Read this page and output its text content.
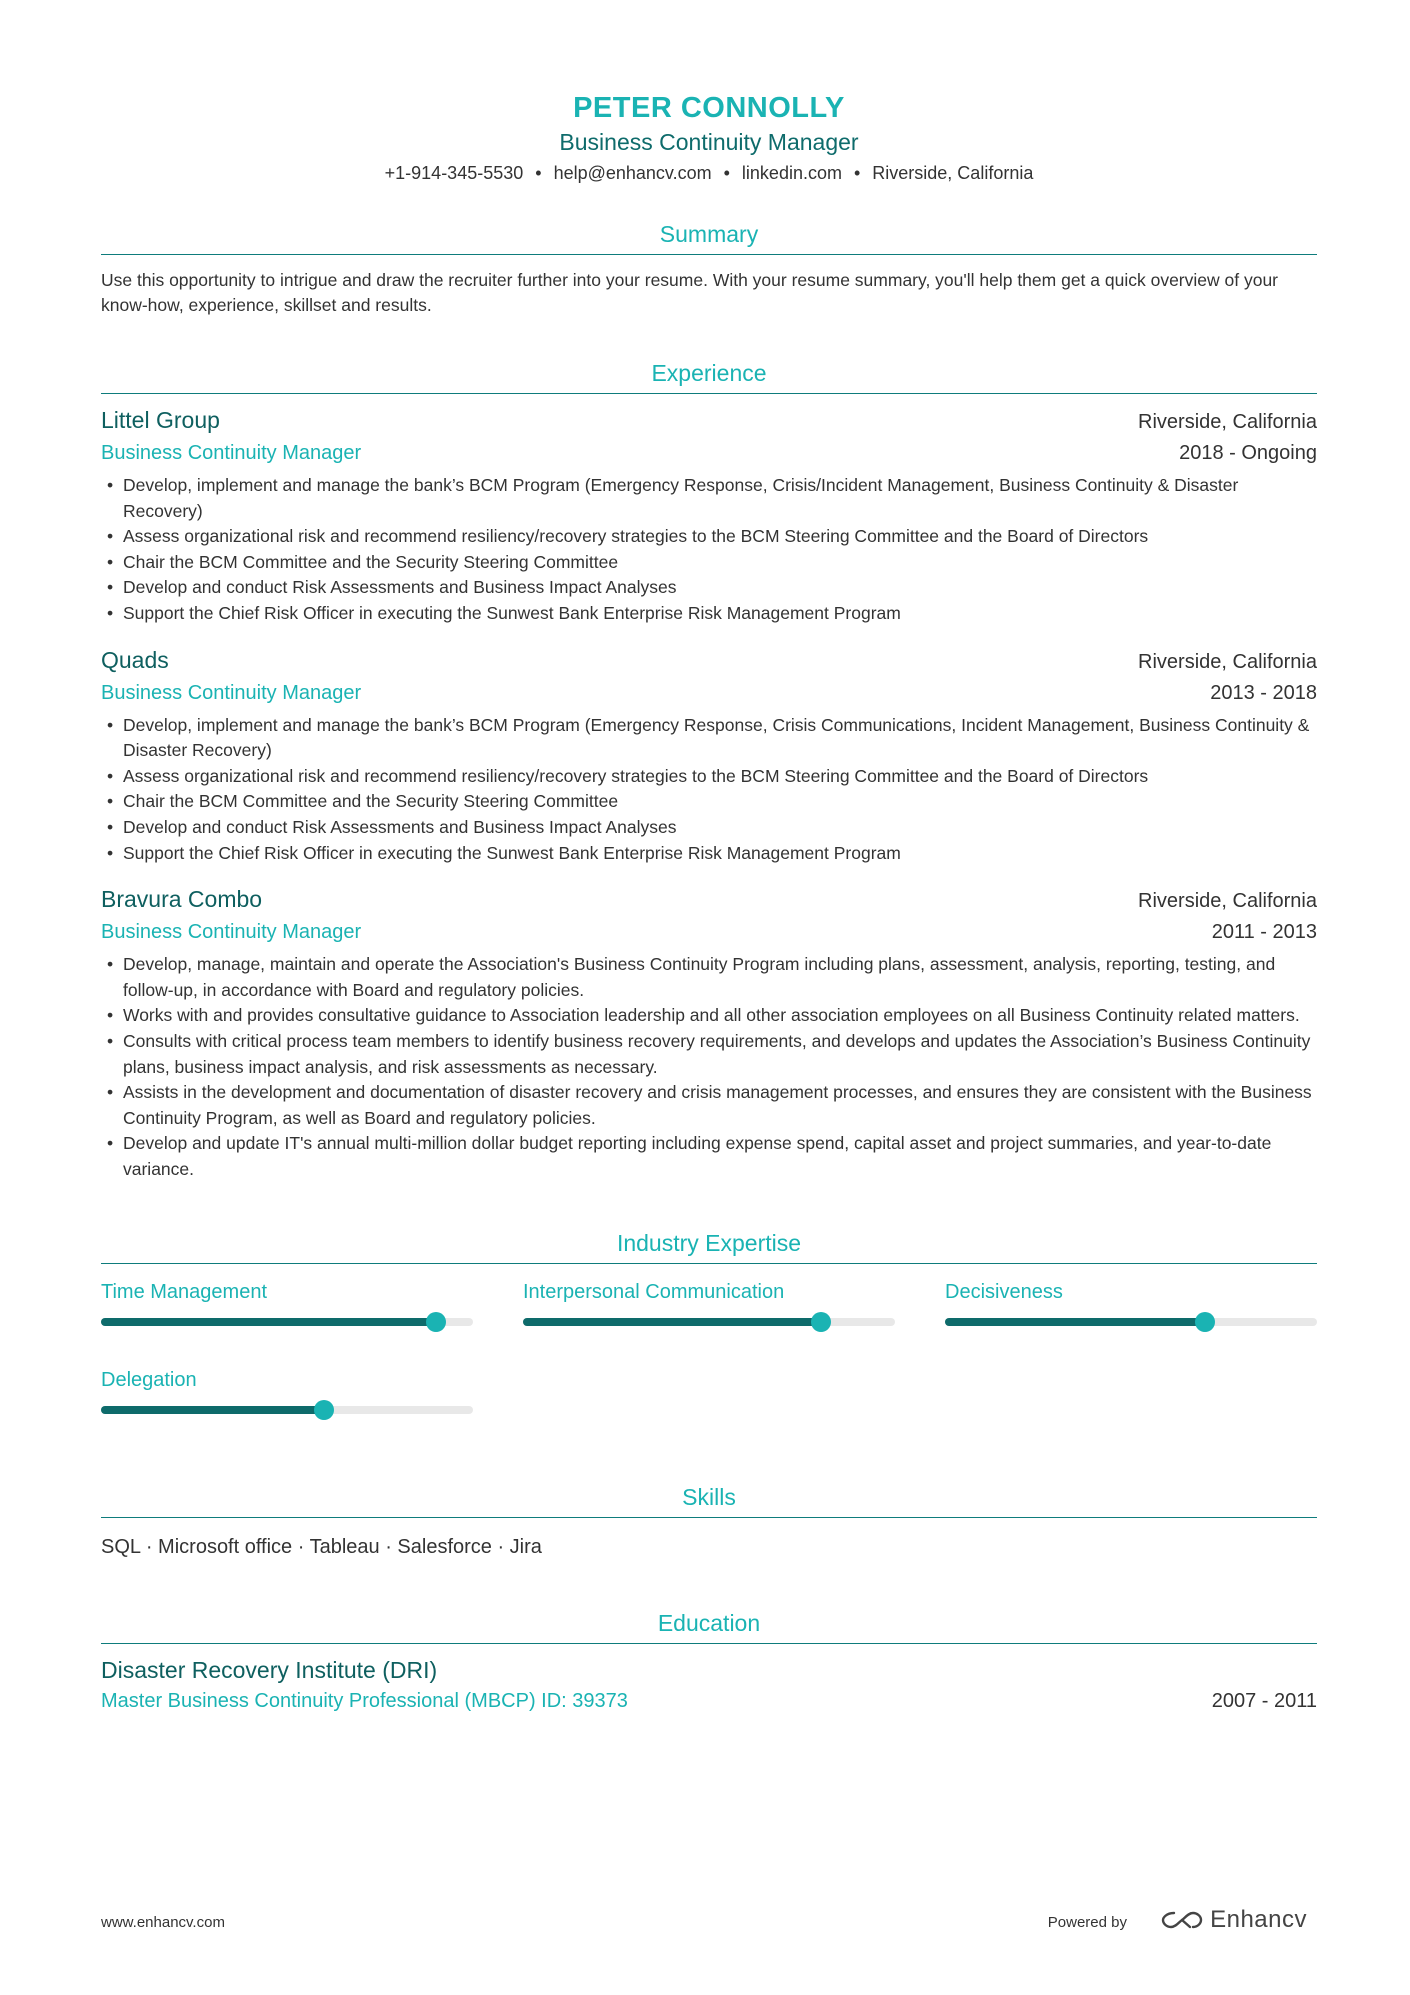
PETER CONNOLLY
Business Continuity Manager
+1-914-345-5530 • help@enhancv.com • linkedin.com • Riverside, California
Summary
Use this opportunity to intrigue and draw the recruiter further into your resume. With your resume summary, you'll help them get a quick overview of your know-how, experience, skillset and results.
Experience
Littel Group	Riverside, California
Business Continuity Manager	2018 - Ongoing
• Develop, implement and manage the bank’s BCM Program (Emergency Response, Crisis/Incident Management, Business Continuity & Disaster Recovery)
• Assess organizational risk and recommend resiliency/recovery strategies to the BCM Steering Committee and the Board of Directors
• Chair the BCM Committee and the Security Steering Committee
• Develop and conduct Risk Assessments and Business Impact Analyses
• Support the Chief Risk Officer in executing the Sunwest Bank Enterprise Risk Management Program
Quads	Riverside, California
Business Continuity Manager	2013 - 2018
• Develop, implement and manage the bank’s BCM Program (Emergency Response, Crisis Communications, Incident Management, Business Continuity & Disaster Recovery)
• Assess organizational risk and recommend resiliency/recovery strategies to the BCM Steering Committee and the Board of Directors
• Chair the BCM Committee and the Security Steering Committee
• Develop and conduct Risk Assessments and Business Impact Analyses
• Support the Chief Risk Officer in executing the Sunwest Bank Enterprise Risk Management Program
Bravura Combo	Riverside, California
Business Continuity Manager	2011 - 2013
• Develop, manage, maintain and operate the Association's Business Continuity Program including plans, assessment, analysis, reporting, testing, and follow-up, in accordance with Board and regulatory policies.
• Works with and provides consultative guidance to Association leadership and all other association employees on all Business Continuity related matters.
• Consults with critical process team members to identify business recovery requirements, and develops and updates the Association’s Business Continuity plans, business impact analysis, and risk assessments as necessary.
• Assists in the development and documentation of disaster recovery and crisis management processes, and ensures they are consistent with the Business Continuity Program, as well as Board and regulatory policies.
• Develop and update IT's annual multi-million dollar budget reporting including expense spend, capital asset and project summaries, and year-to-date variance.
Industry Expertise
Time Management	Interpersonal Communication	Decisiveness
Delegation
Skills
SQL · Microsoft office · Tableau · Salesforce · Jira
Education
Disaster Recovery Institute (DRI)
Master Business Continuity Professional (MBCP) ID: 39373	2007 - 2011
www.enhancv.com	Powered by	Enhancv
